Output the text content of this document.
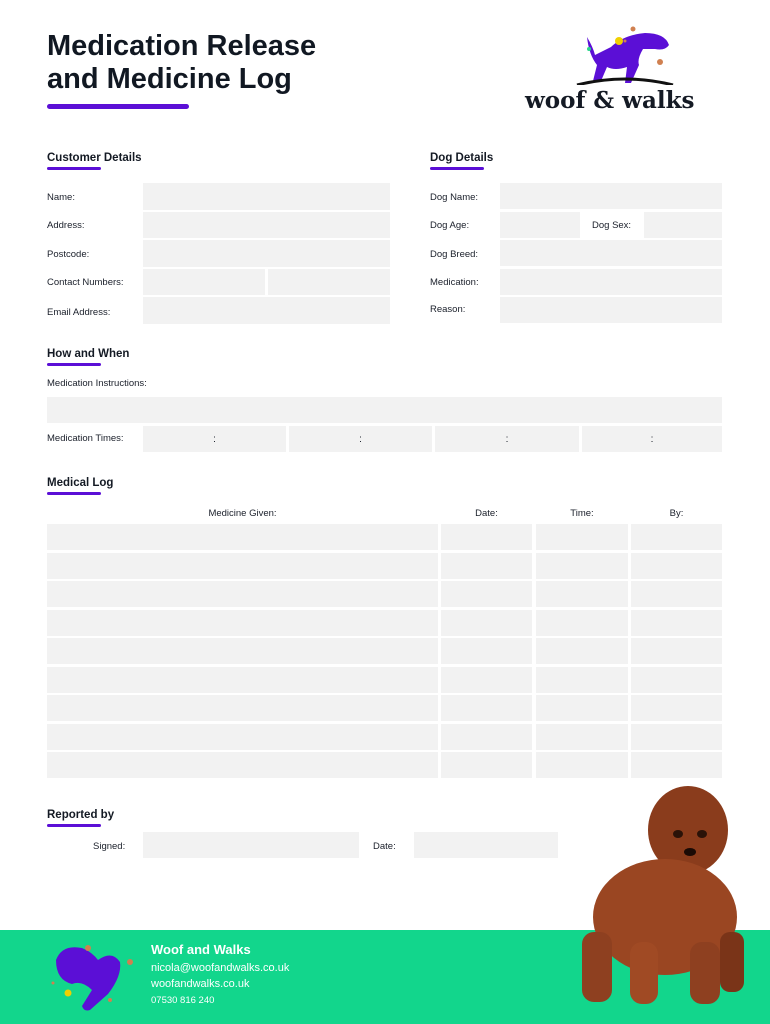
Medication Release
and Medicine Log
woof & walks
Customer Details
Name:
Address:
Postcode:
Contact Numbers:
Email Address:
Dog Details
Dog Name:
Dog Age:	Dog Sex:
Dog Breed:
Medication:
Reason:
How and When
Medication Instructions:
Medication Times:	:	:	:	:
Medical Log
Medicine Given:	Date:	Time:	By:
Reported by
Signed:	Date:
Woof and Walks
nicola@woofandwalks.co.uk
woofandwalks.co.uk
07530 816 240
